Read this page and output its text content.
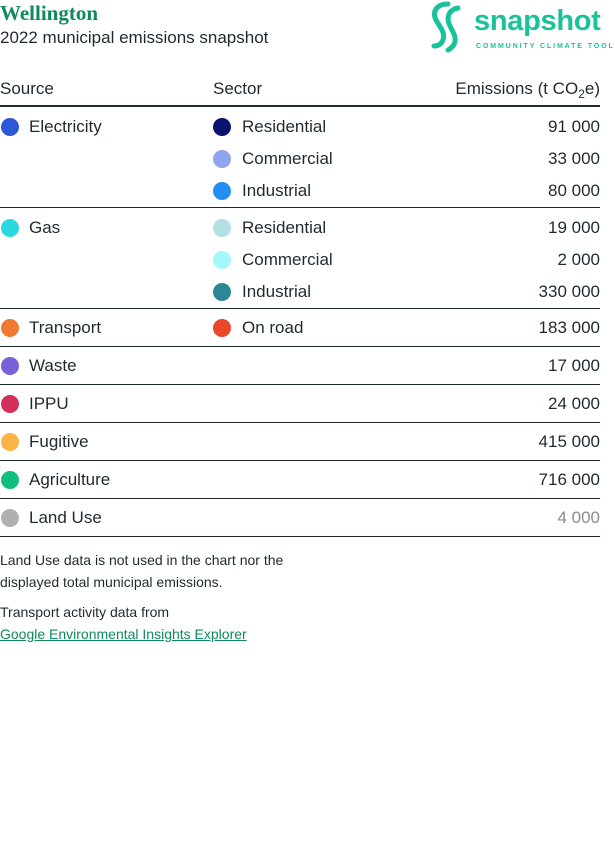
Wellington
2022 municipal emissions snapshot
snapshot
COMMUNITY CLIMATE TOOL
Source	Sector	Emissions (t $CO_2e$)

Electricity	Residential	91 000

	Commercial	33 000

	Industrial	80 000

Gas	Residential	19 000

	Commercial	2 000

	Industrial	330 000

Transport	On road	183 000

Waste		17 000

IPPU		24 000

Fugitive		415 000

Agriculture		716 000

Land Use		4 000

Land Use data is not used in the chart nor the
displayed total municipal emissions.

Transport activity data from
Google Environmental Insights Explorer
